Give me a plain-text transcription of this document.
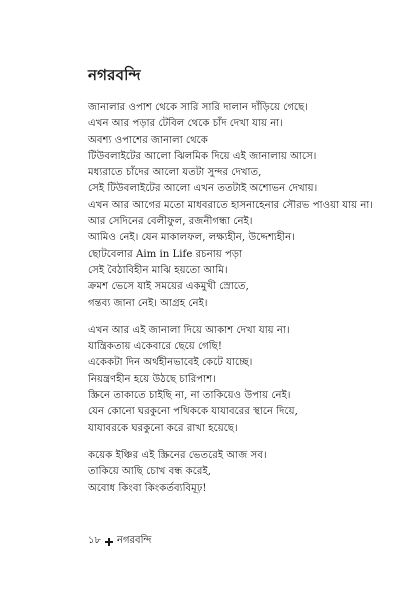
নগরবন্দি
জানালার ওপাশ থেকে সারি সারি দালান দাঁড়িয়ে গেছে।
এখন আর পড়ার টেবিল থেকে চাঁদ দেখা যায় না।
অবশ্য ওপাশের জানালা থেকে
টিউবলাইটের আলো ঝিলমিক দিয়ে এই জানালায় আসে।
মধ্যরাতে চাঁদের আলো যতটা সুন্দর দেখাত,
সেই টিউবলাইটের আলো এখন ততটাই অশোভন দেখায়।
এখন আর আগের মতো মাধবরাতে হাসনাহেনার সৌরভ পাওয়া যায় না।
আর সেদিনের বেলীফুল, রজনীগন্ধা নেই।
আমিও নেই। যেন মাকালফল, লক্ষ্যহীন, উদ্দেশ্যহীন।
ছোটবেলার Aim in Life রচনায় পড়া
সেই বৈঠাবিহীন মাঝি হয়তো আমি।
ক্রমশ ভেসে যাই সময়ের একমুখী স্রোতে,
গন্তব্য জানা নেই। আগ্রহ নেই।
এখন আর এই জানালা দিয়ে আকাশ দেখা যায় না।
যান্ত্রিকতায় একেবারে ছেয়ে গেছি!
একেকটা দিন অর্থহীনভাবেই কেটে যাচ্ছে।
নিয়ন্ত্রণহীন হয়ে উঠছে চারিপাশ।
স্ক্রিনে তাকাতে চাইছি না, না তাকিয়েও উপায় নেই।
যেন কোনো ঘরকুনো পথিককে যাযাবরের স্থানে দিয়ে,
যাযাবরকে ঘরকুনো করে রাখা হয়েছে।
কয়েক ইঞ্চির এই স্ক্রিনের ভেতরেই আজ সব।
তাকিয়ে আছি চোখ বন্ধ করেই,
অবোধ কিংবা কিংকর্তব্যবিমূঢ়!
১৮ নগরবন্দি
